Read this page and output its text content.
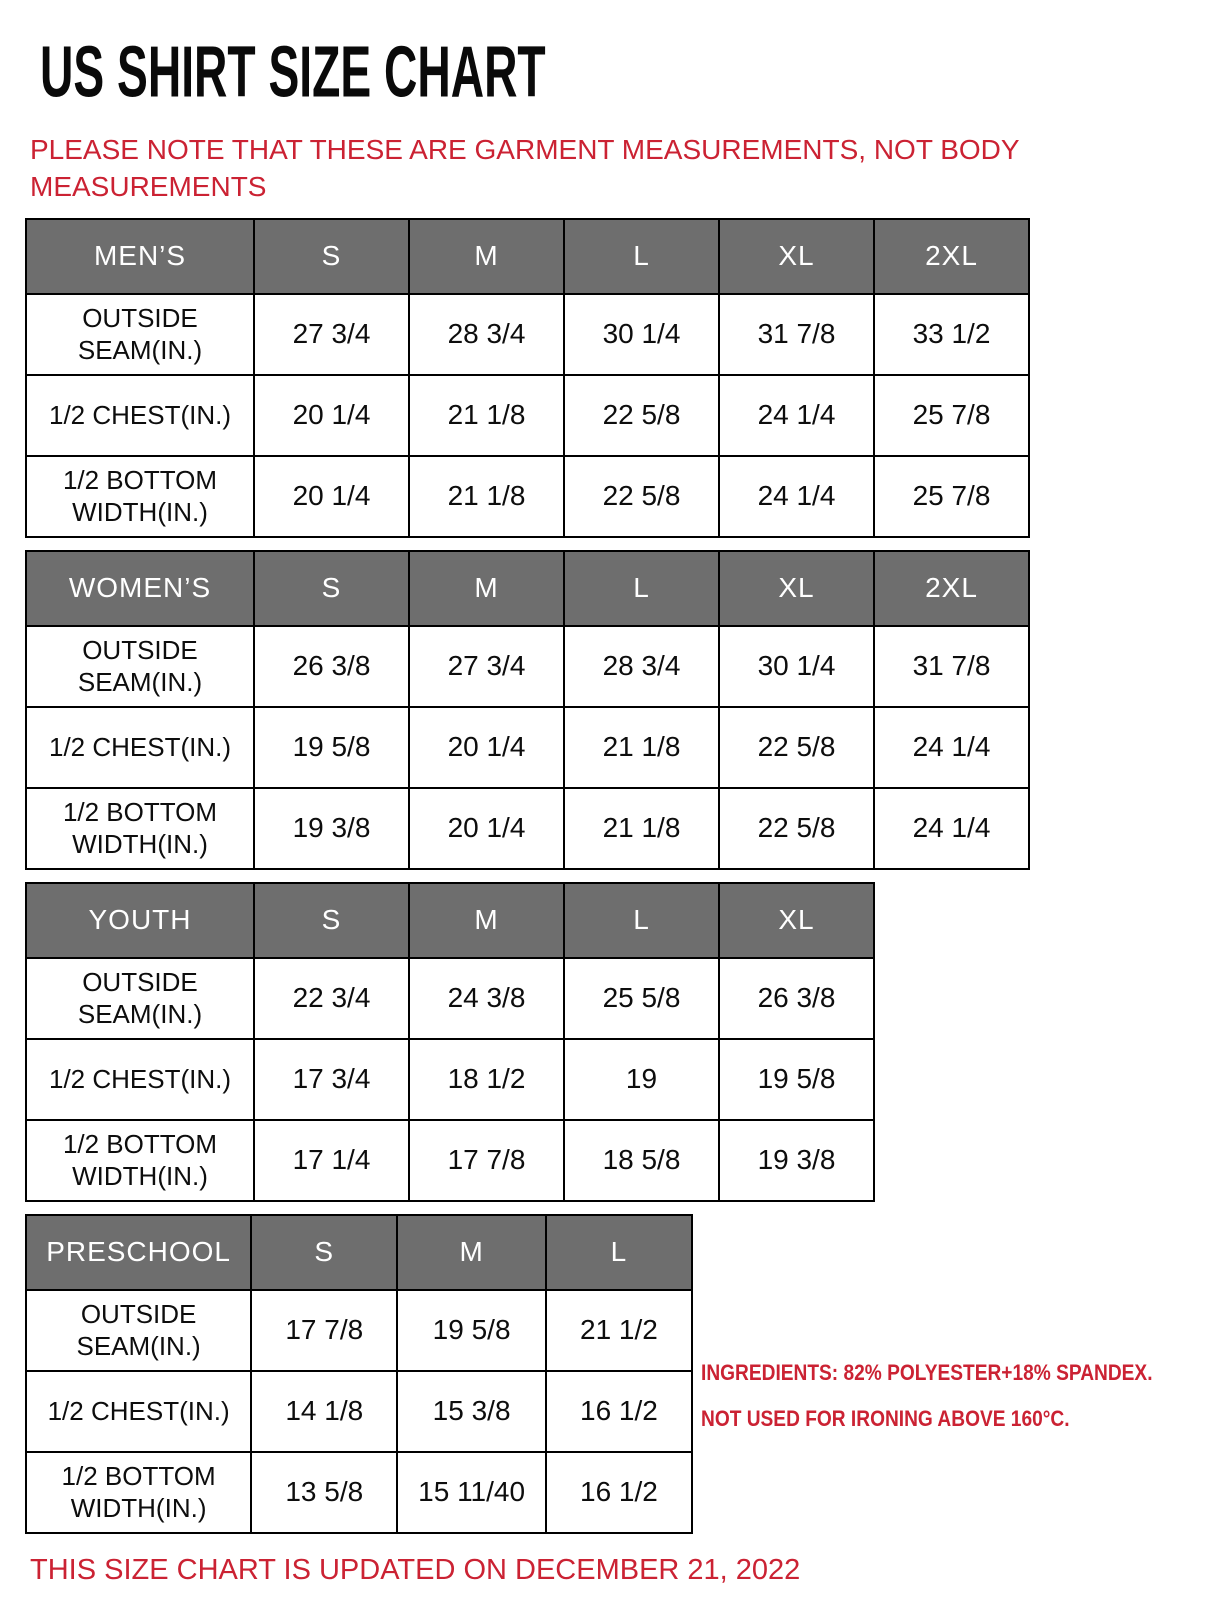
US SHIRT SIZE CHART
PLEASE NOTE THAT THESE ARE GARMENT MEASUREMENTS, NOT BODY MEASUREMENTS
MEN’S	S	M	L	XL	2XL
OUTSIDE SEAM(IN.)	27 3/4	28 3/4	30 1/4	31 7/8	33 1/2
1/2 CHEST(IN.)	20 1/4	21 1/8	22 5/8	24 1/4	25 7/8
1/2 BOTTOM WIDTH(IN.)	20 1/4	21 1/8	22 5/8	24 1/4	25 7/8
WOMEN’S	S	M	L	XL	2XL
OUTSIDE SEAM(IN.)	26 3/8	27 3/4	28 3/4	30 1/4	31 7/8
1/2 CHEST(IN.)	19 5/8	20 1/4	21 1/8	22 5/8	24 1/4
1/2 BOTTOM WIDTH(IN.)	19 3/8	20 1/4	21 1/8	22 5/8	24 1/4
YOUTH	S	M	L	XL
OUTSIDE SEAM(IN.)	22 3/4	24 3/8	25 5/8	26 3/8
1/2 CHEST(IN.)	17 3/4	18 1/2	19	19 5/8
1/2 BOTTOM WIDTH(IN.)	17 1/4	17 7/8	18 5/8	19 3/8
PRESCHOOL	S	M	L
OUTSIDE SEAM(IN.)	17 7/8	19 5/8	21 1/2
1/2 CHEST(IN.)	14 1/8	15 3/8	16 1/2
1/2 BOTTOM WIDTH(IN.)	13 5/8	15 11/40	16 1/2
INGREDIENTS: 82% POLYESTER+18% SPANDEX.
NOT USED FOR IRONING ABOVE 160°C.
THIS SIZE CHART IS UPDATED ON DECEMBER 21, 2022
